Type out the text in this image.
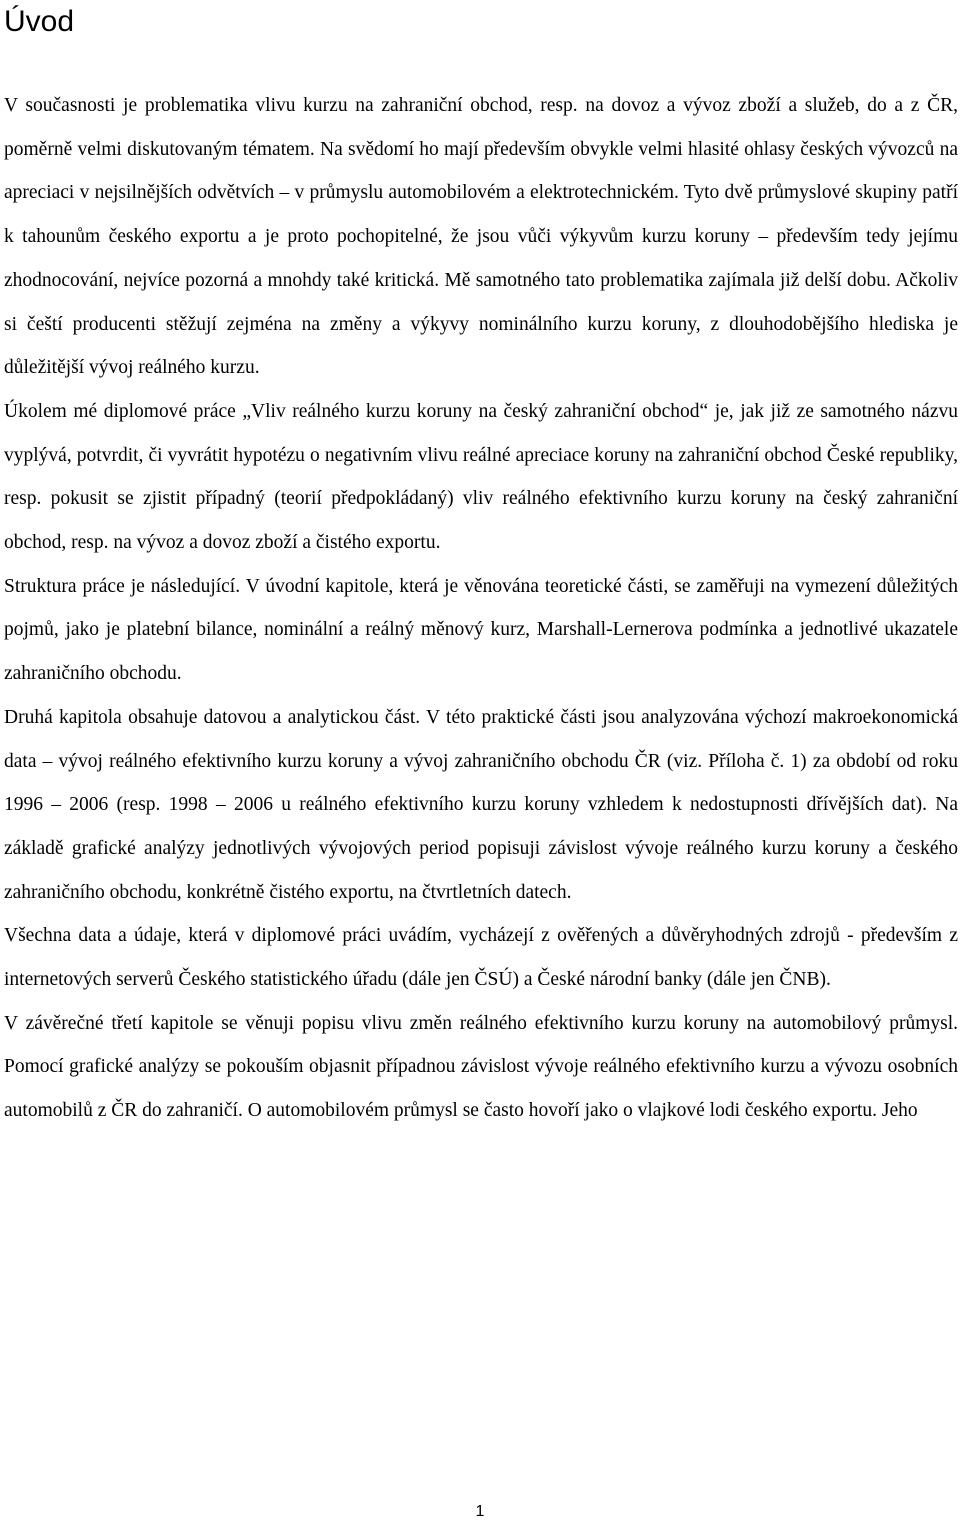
Úvod

V současnosti je problematika vlivu kurzu na zahraniční obchod, resp. na dovoz a vývoz zboží a služeb, do a z ČR, poměrně velmi diskutovaným tématem. Na svědomí ho mají především obvykle velmi hlasité ohlasy českých vývozců na apreciaci v nejsilnějších odvětvích – v průmyslu automobilovém a elektrotechnickém. Tyto dvě průmyslové skupiny patří k tahounům českého exportu a je proto pochopitelné, že jsou vůči výkyvům kurzu koruny – především tedy jejímu zhodnocování, nejvíce pozorná a mnohdy také kritická. Mě samotného tato problematika zajímala již delší dobu. Ačkoliv si čeští producenti stěžují zejména na změny a výkyvy nominálního kurzu koruny, z dlouhodobějšího hlediska je důležitější vývoj reálného kurzu.

Úkolem mé diplomové práce „Vliv reálného kurzu koruny na český zahraniční obchod“ je, jak již ze samotného názvu vyplývá, potvrdit, či vyvrátit hypotézu o negativním vlivu reálné apreciace koruny na zahraniční obchod České republiky, resp. pokusit se zjistit případný (teorií předpokládaný) vliv reálného efektivního kurzu koruny na český zahraniční obchod, resp. na vývoz a dovoz zboží a čistého exportu.

Struktura práce je následující. V úvodní kapitole, která je věnována teoretické části, se zaměřuji na vymezení důležitých pojmů, jako je platební bilance, nominální a reálný měnový kurz, Marshall-Lernerova podmínka a jednotlivé ukazatele zahraničního obchodu.

Druhá kapitola obsahuje datovou a analytickou část. V této praktické části jsou analyzována výchozí makroekonomická data – vývoj reálného efektivního kurzu koruny a vývoj zahraničního obchodu ČR (viz. Příloha č. 1) za období od roku 1996 – 2006 (resp. 1998 – 2006 u reálného efektivního kurzu koruny vzhledem k nedostupnosti dřívějších dat). Na základě grafické analýzy jednotlivých vývojových period popisuji závislost vývoje reálného kurzu koruny a českého zahraničního obchodu, konkrétně čistého exportu, na čtvrtletních datech.

Všechna data a údaje, která v diplomové práci uvádím, vycházejí z ověřených a důvěryhodných zdrojů - především z internetových serverů Českého statistického úřadu (dále jen ČSÚ) a České národní banky (dále jen ČNB).

V závěrečné třetí kapitole se věnuji popisu vlivu změn reálného efektivního kurzu koruny na automobilový průmysl. Pomocí grafické analýzy se pokouším objasnit případnou závislost vývoje reálného efektivního kurzu a vývozu osobních automobilů z ČR do zahraničí. O automobilovém průmysl se často hovoří jako o vlajkové lodi českého exportu. Jeho

1
